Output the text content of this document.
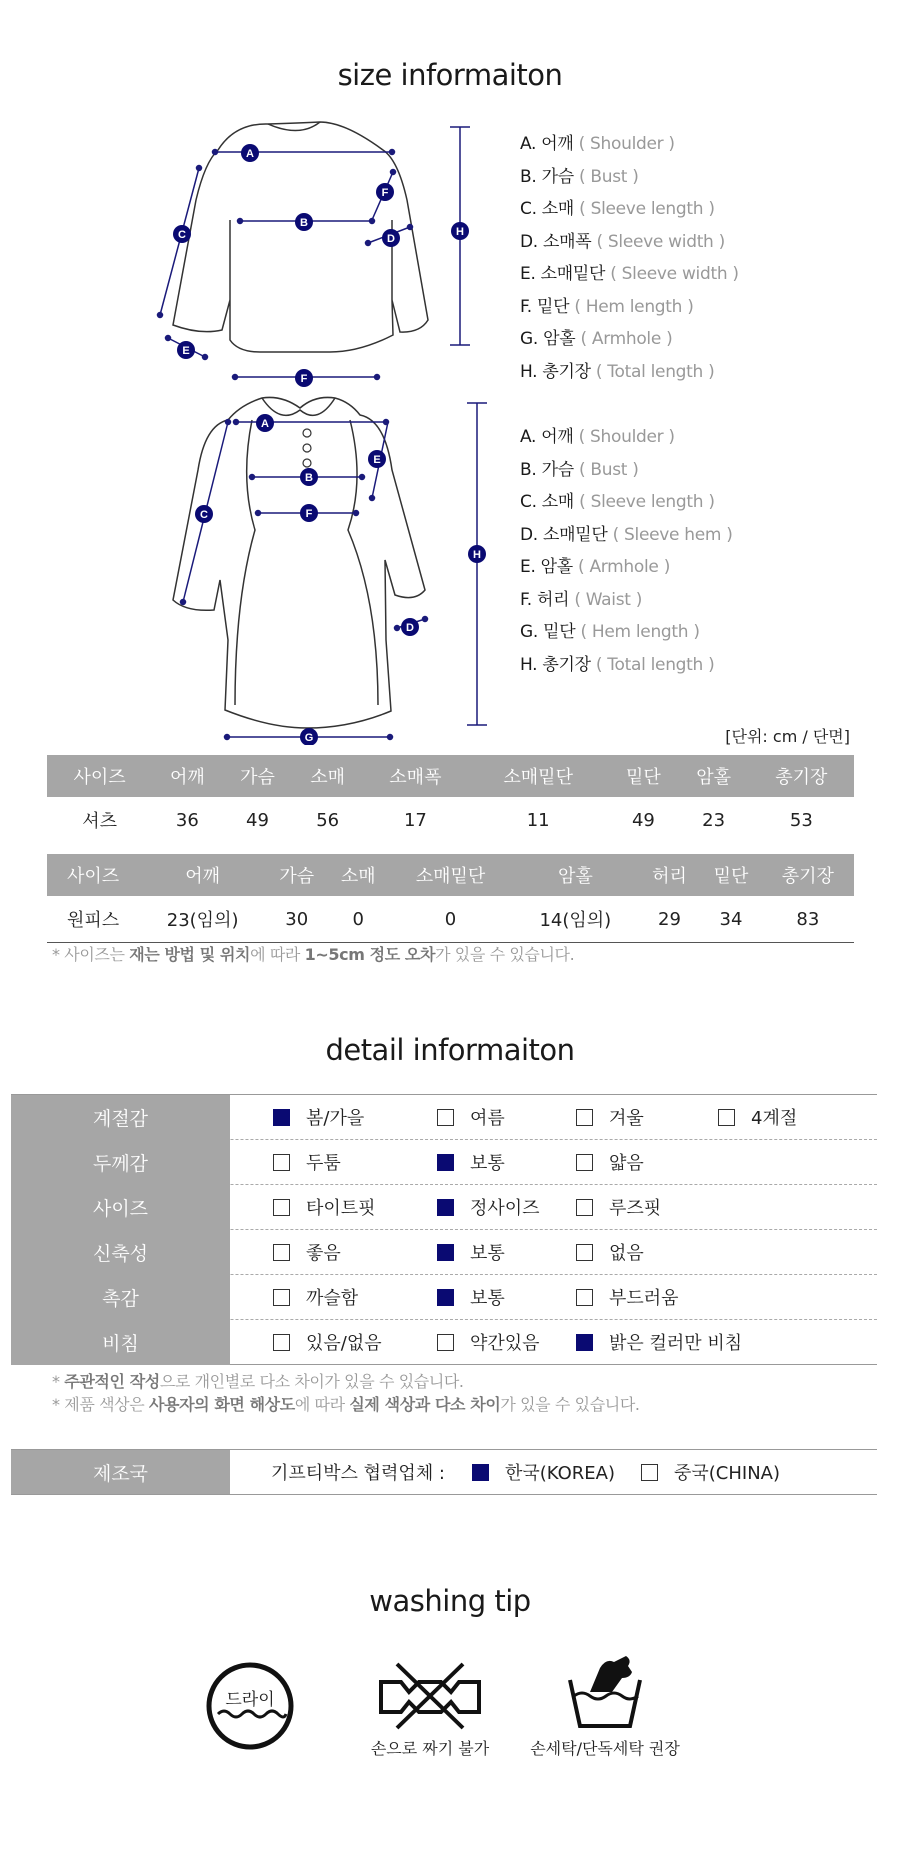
size informaiton
A
B
C	D
E
F
F
H
A. 어깨 ( Shoulder )
B. 가슴 ( Bust )
C. 소매 ( Sleeve length )
D. 소매폭 ( Sleeve width )
E. 소매밑단 ( Sleeve width )
F. 밑단 ( Hem length )
G. 암홀 ( Armhole )
H. 총기장 ( Total length )
A
B
C
D
E
F
G
H
A. 어깨 ( Shoulder )
B. 가슴 ( Bust )
C. 소매 ( Sleeve length )
D. 소매밑단 ( Sleeve hem )
E. 암홀 ( Armhole )
F. 허리 ( Waist )
G. 밑단 ( Hem length )
H. 총기장 ( Total length )
[단위: cm / 단면]
사이즈	어깨	가슴	소매	소매폭	소매밑단	밑단	암홀	총기장
셔츠	36	49	56	17	11	49	23	53
사이즈	어깨	가슴	소매	소매밑단	암홀	허리	밑단	총기장
원피스	23(임의)	30	0	0	14(임의)	29	34	83
* 사이즈는 재는 방법 및 위치에 따라 1~5cm 정도 오차가 있을 수 있습니다.
detail informaiton
계절감	봄/가을	여름	겨울	4계절
두께감	두툼	보통	얇음
사이즈	타이트핏	정사이즈	루즈핏
신축성	좋음	보통	없음
촉감	까슬함	보통	부드러움
비침	있음/없음	약간있음	밝은 컬러만 비침
* 주관적인 작성으로 개인별로 다소 차이가 있을 수 있습니다.
* 제품 색상은 사용자의 화면 해상도에 따라 실제 색상과 다소 차이가 있을 수 있습니다.
제조국	기프티박스 협력업체 :	한국(KOREA)	중국(CHINA)
washing tip
드라이
손으로 짜기 불가	손세탁/단독세탁 권장
